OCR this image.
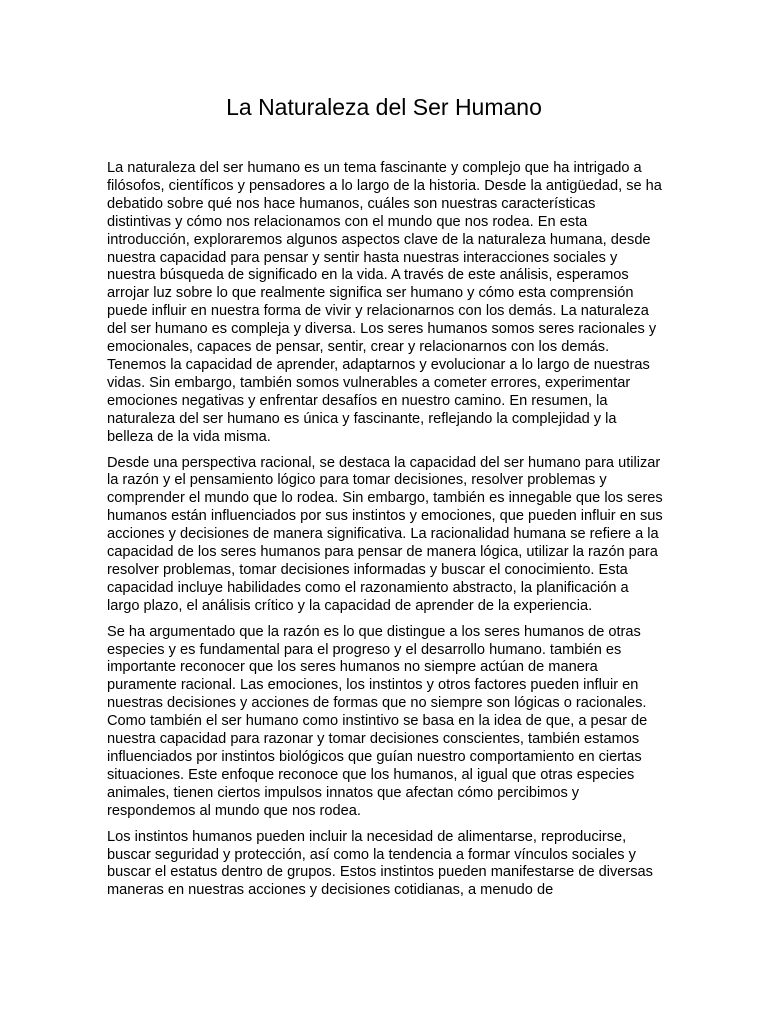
La Naturaleza del Ser Humano

La naturaleza del ser humano es un tema fascinante y complejo que ha intrigado a filósofos, científicos y pensadores a lo largo de la historia. Desde la antigüedad, se ha debatido sobre qué nos hace humanos, cuáles son nuestras características distintivas y cómo nos relacionamos con el mundo que nos rodea. En esta introducción, exploraremos algunos aspectos clave de la naturaleza humana, desde nuestra capacidad para pensar y sentir hasta nuestras interacciones sociales y nuestra búsqueda de significado en la vida. A través de este análisis, esperamos arrojar luz sobre lo que realmente significa ser humano y cómo esta comprensión puede influir en nuestra forma de vivir y relacionarnos con los demás. La naturaleza del ser humano es compleja y diversa. Los seres humanos somos seres racionales y emocionales, capaces de pensar, sentir, crear y relacionarnos con los demás. Tenemos la capacidad de aprender, adaptarnos y evolucionar a lo largo de nuestras vidas. Sin embargo, también somos vulnerables a cometer errores, experimentar emociones negativas y enfrentar desafíos en nuestro camino. En resumen, la naturaleza del ser humano es única y fascinante, reflejando la complejidad y la belleza de la vida misma.

Desde una perspectiva racional, se destaca la capacidad del ser humano para utilizar la razón y el pensamiento lógico para tomar decisiones, resolver problemas y comprender el mundo que lo rodea. Sin embargo, también es innegable que los seres humanos están influenciados por sus instintos y emociones, que pueden influir en sus acciones y decisiones de manera significativa. La racionalidad humana se refiere a la capacidad de los seres humanos para pensar de manera lógica, utilizar la razón para resolver problemas, tomar decisiones informadas y buscar el conocimiento. Esta capacidad incluye habilidades como el razonamiento abstracto, la planificación a largo plazo, el análisis crítico y la capacidad de aprender de la experiencia.

Se ha argumentado que la razón es lo que distingue a los seres humanos de otras especies y es fundamental para el progreso y el desarrollo humano. también es importante reconocer que los seres humanos no siempre actúan de manera puramente racional. Las emociones, los instintos y otros factores pueden influir en nuestras decisiones y acciones de formas que no siempre son lógicas o racionales. Como también el ser humano como instintivo se basa en la idea de que, a pesar de nuestra capacidad para razonar y tomar decisiones conscientes, también estamos influenciados por instintos biológicos que guían nuestro comportamiento en ciertas situaciones. Este enfoque reconoce que los humanos, al igual que otras especies animales, tienen ciertos impulsos innatos que afectan cómo percibimos y respondemos al mundo que nos rodea.

Los instintos humanos pueden incluir la necesidad de alimentarse, reproducirse, buscar seguridad y protección, así como la tendencia a formar vínculos sociales y buscar el estatus dentro de grupos. Estos instintos pueden manifestarse de diversas maneras en nuestras acciones y decisiones cotidianas, a menudo de
